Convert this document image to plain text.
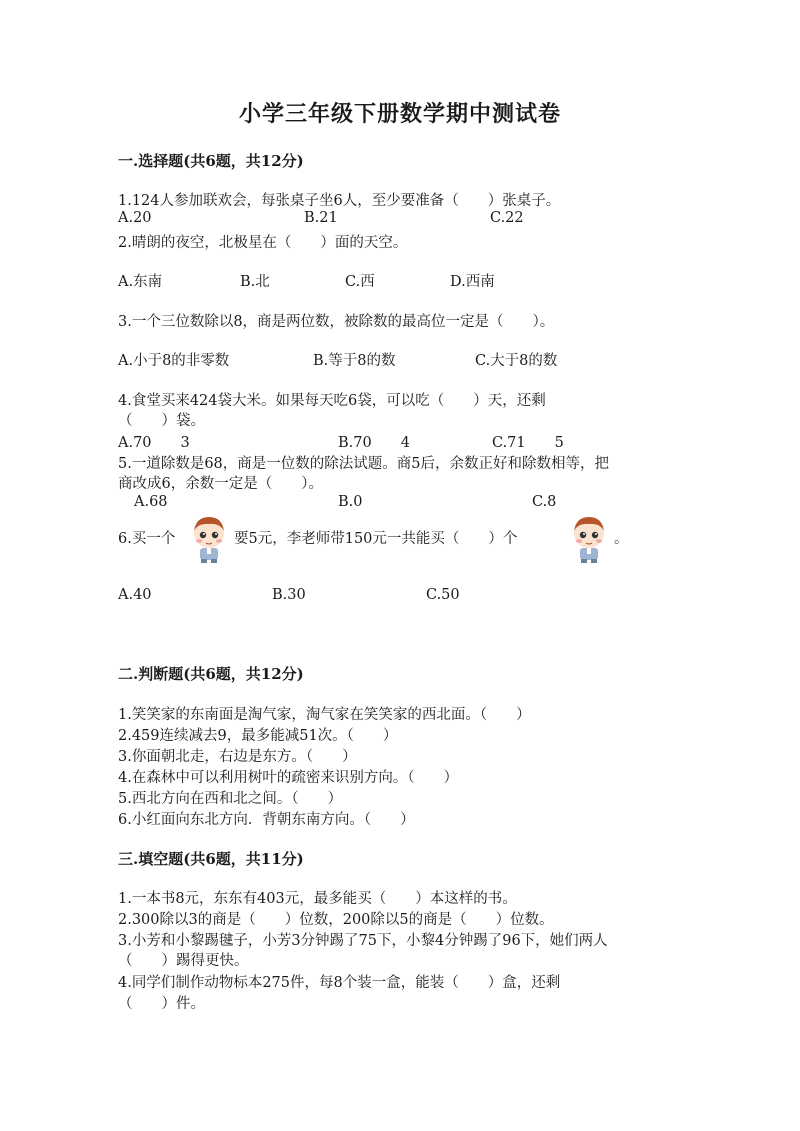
小学三年级下册数学期中测试卷
一.选择题(共6题，共12分)
1.124人参加联欢会，每张桌子坐6人，至少要准备（　　）张桌子。
A.20	B.21	C.22
2.晴朗的夜空，北极星在（　　）面的天空。
A.东南	B.北	C.西	D.西南
3.一个三位数除以8，商是两位数，被除数的最高位一定是（　　）。
A.小于8的非零数	B.等于8的数	C.大于8的数
4.食堂买来424袋大米。如果每天吃6袋，可以吃（　　）天，还剩
（　　）袋。
A.70　　3	B.70　　4	C.71　　5
5.一道除数是68，商是一位数的除法试题。商5后，余数正好和除数相等，把
商改成6，余数一定是（　　）。
A.68	B.0	C.8
6.买一个	要5元，李老师带150元一共能买（　　）个	。
A.40	B.30	C.50
二.判断题(共6题，共12分)
1.笑笑家的东南面是淘气家，淘气家在笑笑家的西北面。（　　）
2.459连续减去9，最多能减51次。（　　）
3.你面朝北走，右边是东方。（　　）
4.在森林中可以利用树叶的疏密来识别方向。（　　）
5.西北方向在西和北之间。（　　）
6.小红面向东北方向．背朝东南方向。（　　）
三.填空题(共6题，共11分)
1.一本书8元，东东有403元，最多能买（　　）本这样的书。
2.300除以3的商是（　　）位数，200除以5的商是（　　）位数。
3.小芳和小黎踢毽子，小芳3分钟踢了75下，小黎4分钟踢了96下，她们两人
（　　）踢得更快。
4.同学们制作动物标本275件，每8个装一盒，能装（　　）盒，还剩
（　　）件。
